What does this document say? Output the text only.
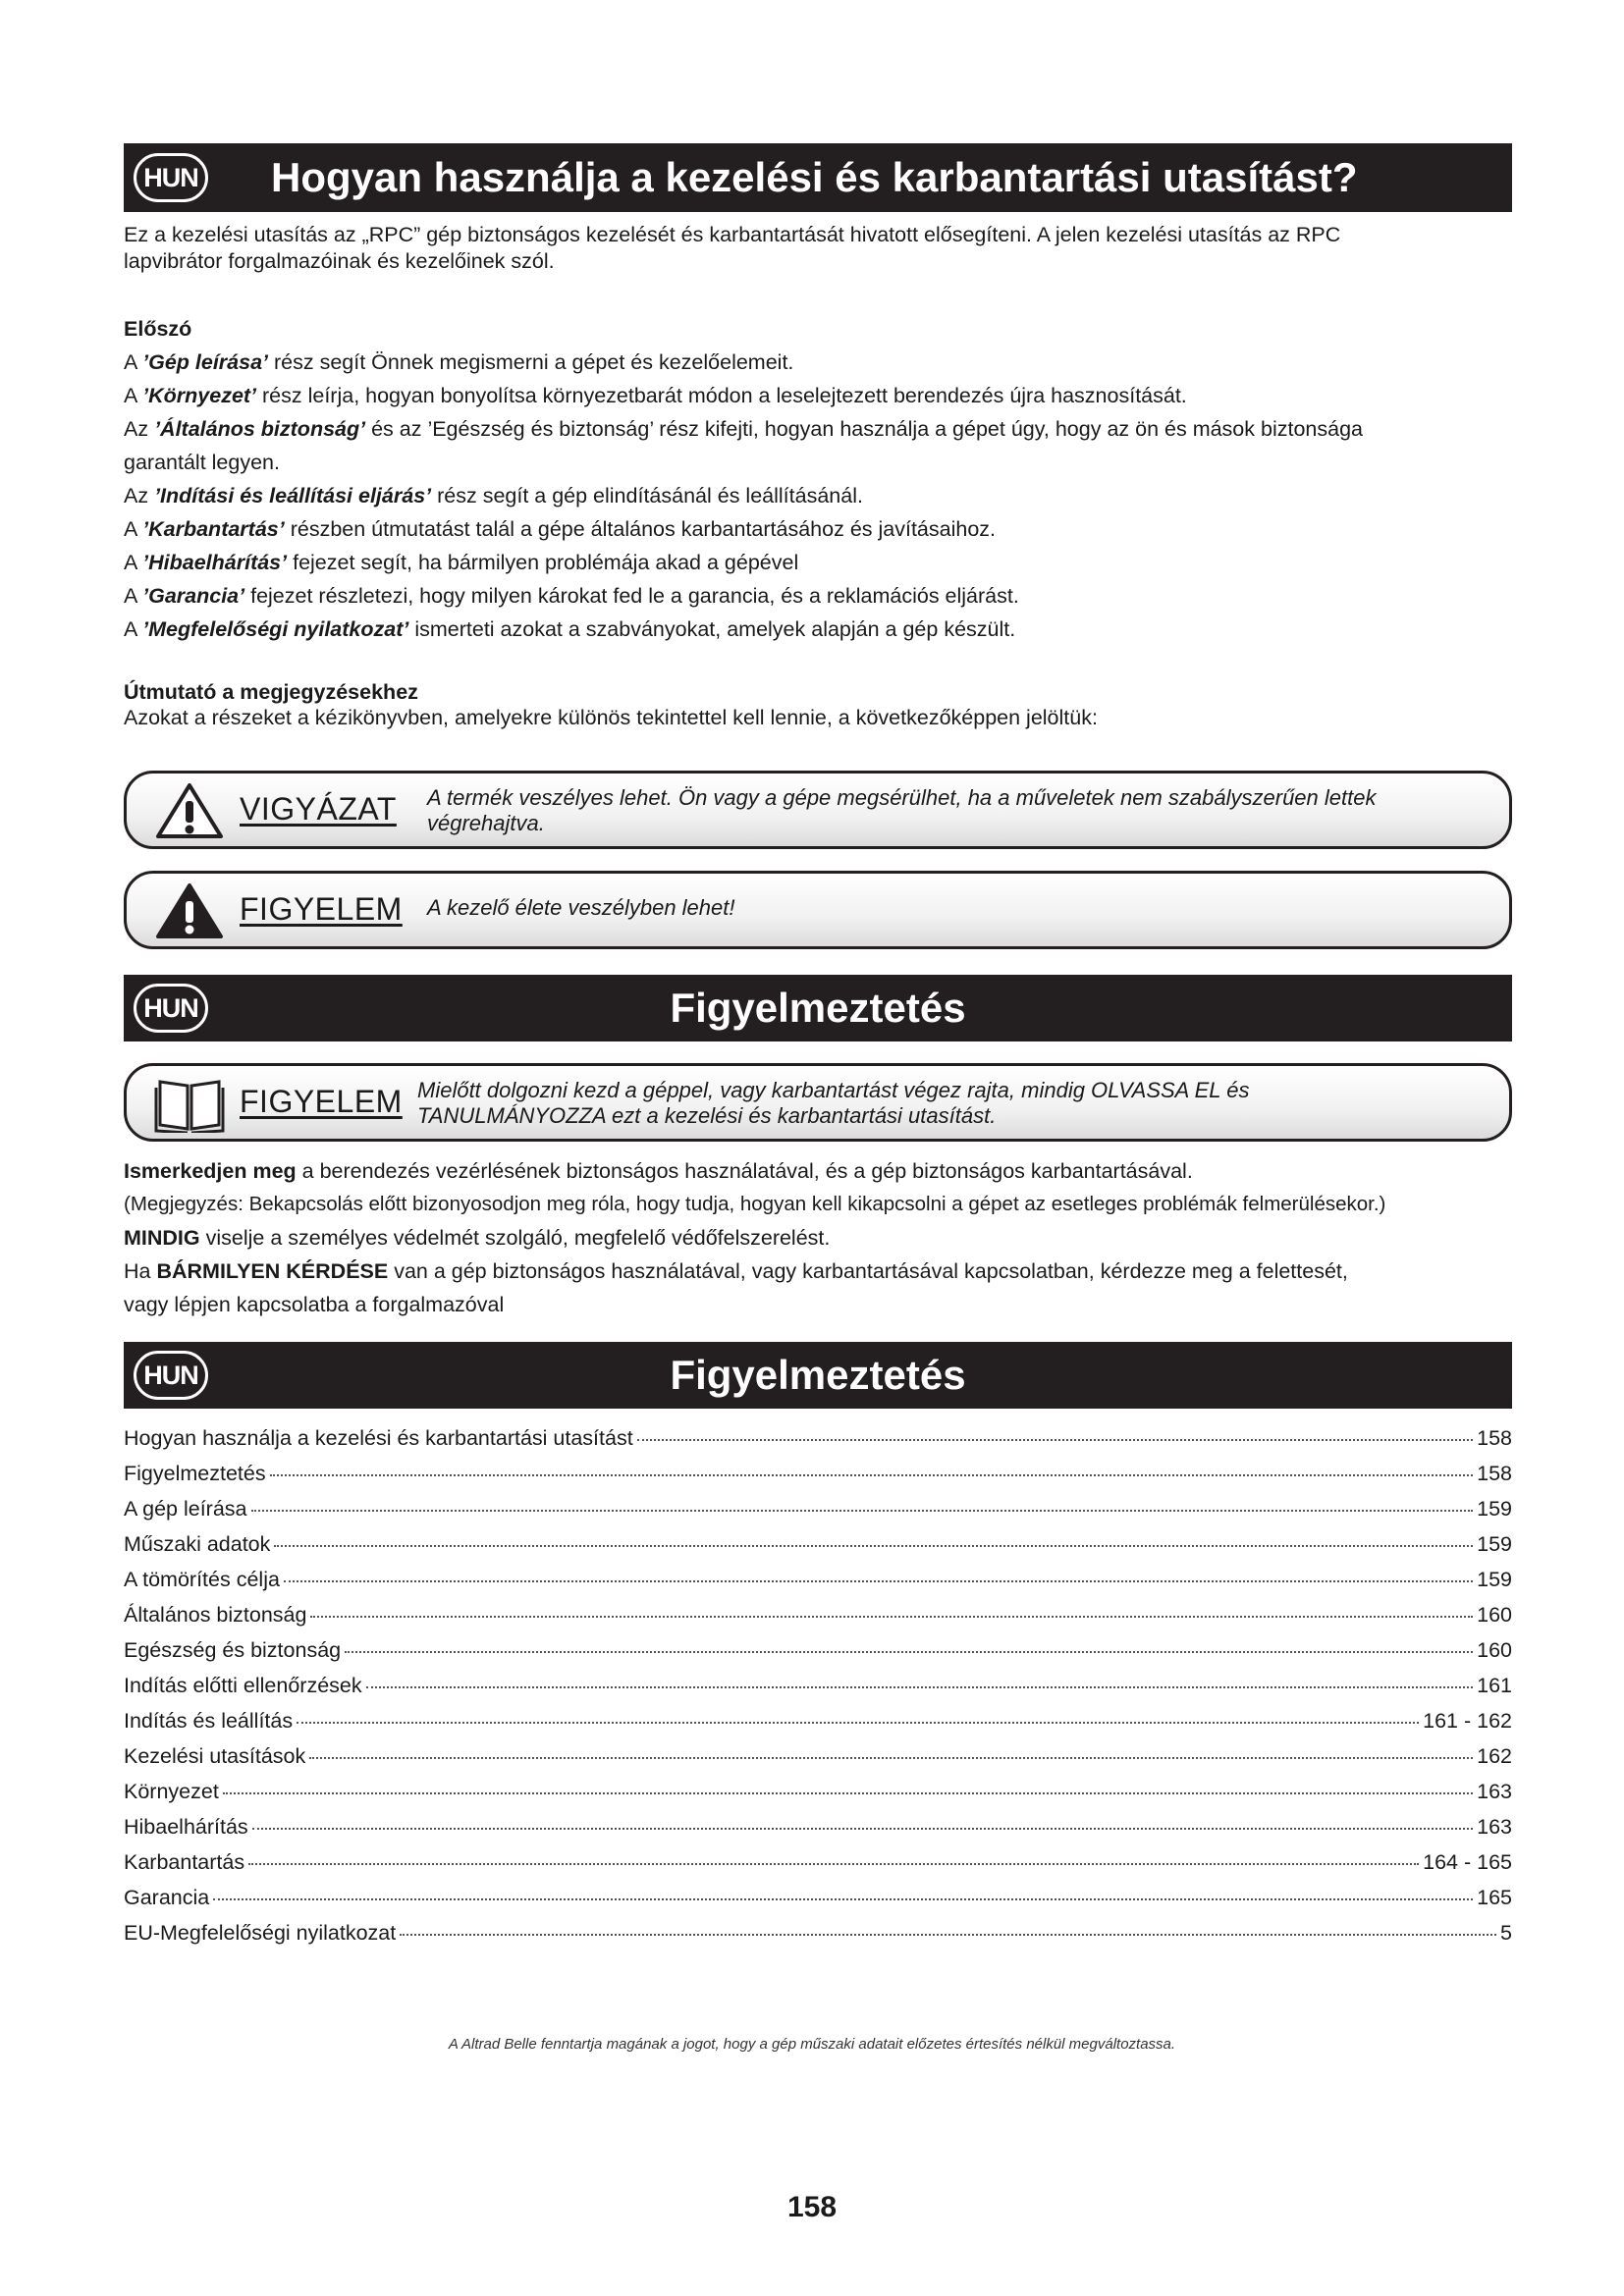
HUN Hogyan használja a kezelési és karbantartási utasítást?
Ez a kezelési utasítás az „RPC” gép biztonságos kezelését és karbantartását hivatott elősegíteni. A jelen kezelési utasítás az RPC
lapvibrátor forgalmazóinak és kezelőinek szól.
Előszó
A ’Gép leírása’ rész segít Önnek megismerni a gépet és kezelőelemeit.
A ’Környezet’ rész leírja, hogyan bonyolítsa környezetbarát módon a leselejtezett berendezés újra hasznosítását.
Az ’Általános biztonság’ és az ’Egészség és biztonság’ rész kifejti, hogyan használja a gépet úgy, hogy az ön és mások biztonsága
garantált legyen.
Az ’Indítási és leállítási eljárás’ rész segít a gép elindításánál és leállításánál.
A ’Karbantartás’ részben útmutatást talál a gépe általános karbantartásához és javításaihoz.
A ’Hibaelhárítás’ fejezet segít, ha bármilyen problémája akad a gépével
A ’Garancia’ fejezet részletezi, hogy milyen károkat fed le a garancia, és a reklamációs eljárást.
A ’Megfelelőségi nyilatkozat’ ismerteti azokat a szabványokat, amelyek alapján a gép készült.
Útmutató a megjegyzésekhez
Azokat a részeket a kézikönyvben, amelyekre különös tekintettel kell lennie, a következőképpen jelöltük:
VIGYÁZAT A termék veszélyes lehet. Ön vagy a gépe megsérülhet, ha a műveletek nem szabályszerűen lettek
végrehajtva.
FIGYELEM A kezelő élete veszélyben lehet!
HUN	Figyelmeztetés
FIGYELEM Mielőtt dolgozni kezd a géppel, vagy karbantartást végez rajta, mindig OLVASSA EL és
TANULMÁNYOZZA ezt a kezelési és karbantartási utasítást.
Ismerkedjen meg a berendezés vezérlésének biztonságos használatával, és a gép biztonságos karbantartásával.
(Megjegyzés: Bekapcsolás előtt bizonyosodjon meg róla, hogy tudja, hogyan kell kikapcsolni a gépet az esetleges problémák felmerülésekor.)
MINDIG viselje a személyes védelmét szolgáló, megfelelő védőfelszerelést.
Ha BÁRMILYEN KÉRDÉSE van a gép biztonságos használatával, vagy karbantartásával kapcsolatban, kérdezze meg a felettesét,
vagy lépjen kapcsolatba a forgalmazóval
HUN	Figyelmeztetés
Hogyan használja a kezelési és karbantartási utasítást	158
Figyelmeztetés	158
A gép leírása	159
Műszaki adatok	159
A tömörítés célja	159
Általános biztonság	160
Egészség és biztonság	160
Indítás előtti ellenőrzések	161
Indítás és leállítás	161 - 162
Kezelési utasítások	162
Környezet	163
Hibaelhárítás	163
Karbantartás	164 - 165
Garancia	165
EU-Megfelelőségi nyilatkozat	5
A Altrad Belle fenntartja magának a jogot, hogy a gép műszaki adatait előzetes értesítés nélkül megváltoztassa.
158
